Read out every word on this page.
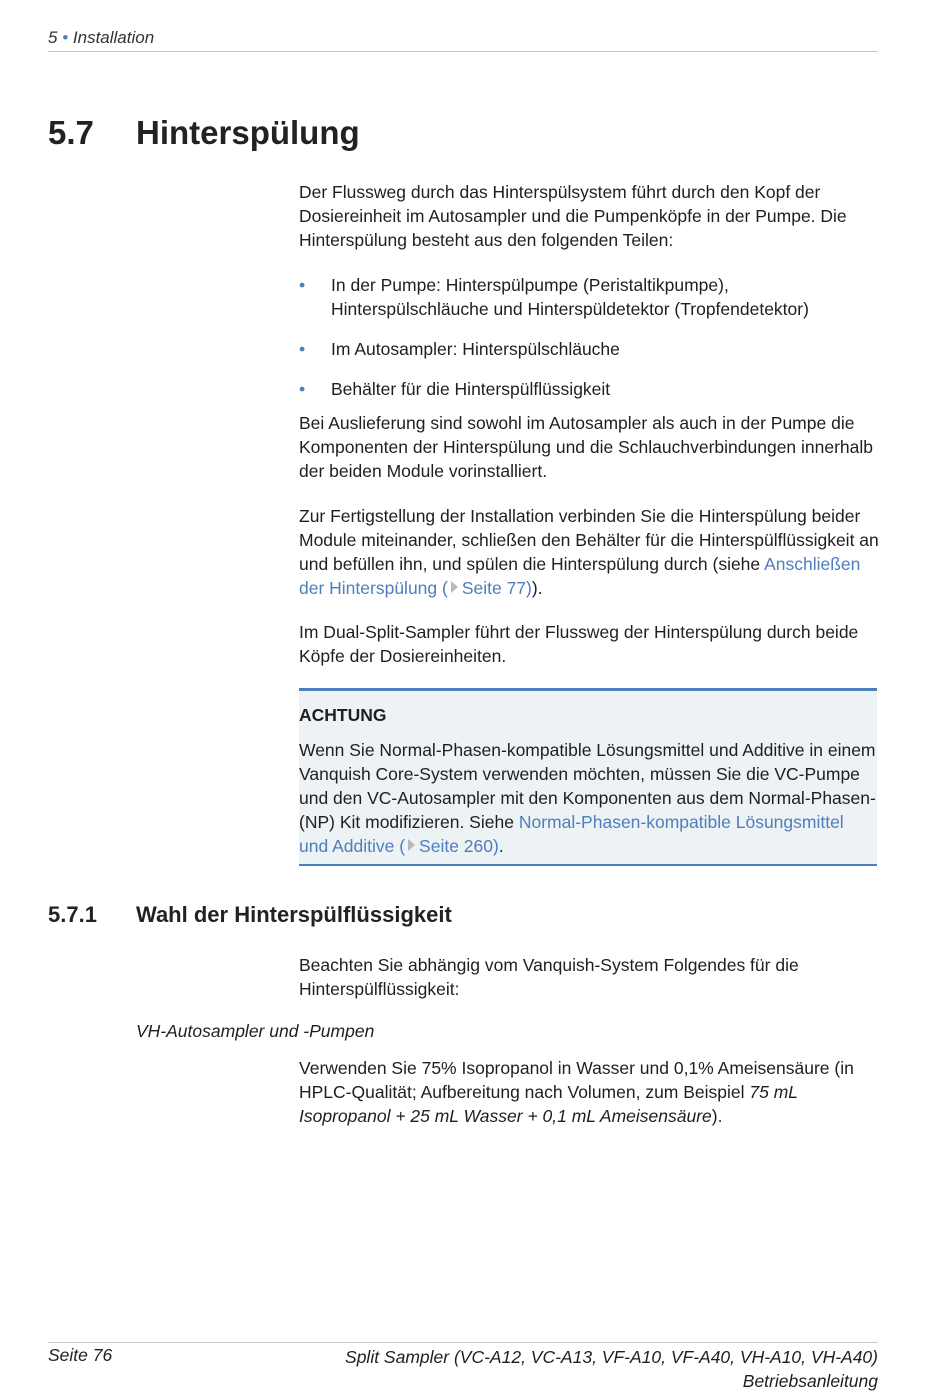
5 • Installation
5.7 Hinterspülung
Der Flussweg durch das Hinterspülsystem führt durch den Kopf der Dosiereinheit im Autosampler und die Pumpenköpfe in der Pumpe. Die Hinterspülung besteht aus den folgenden Teilen:
• In der Pumpe: Hinterspülpumpe (Peristaltikpumpe), Hinterspülschläuche und Hinterspüldetektor (Tropfendetektor)
• Im Autosampler: Hinterspülschläuche
• Behälter für die Hinterspülflüssigkeit
Bei Auslieferung sind sowohl im Autosampler als auch in der Pumpe die Komponenten der Hinterspülung und die Schlauchverbindungen innerhalb der beiden Module vorinstalliert.
Zur Fertigstellung der Installation verbinden Sie die Hinterspülung beider Module miteinander, schließen den Behälter für die Hinterspülflüssigkeit an und befüllen ihn, und spülen die Hinterspülung durch (siehe Anschließen der Hinterspülung ( Seite 77)).
Im Dual-Split-Sampler führt der Flussweg der Hinterspülung durch beide Köpfe der Dosiereinheiten.
ACHTUNG
Wenn Sie Normal-Phasen-kompatible Lösungsmittel und Additive in einem Vanquish Core-System verwenden möchten, müssen Sie die VC-Pumpe und den VC-Autosampler mit den Komponenten aus dem Normal-Phasen- (NP) Kit modifizieren. Siehe Normal-Phasen-kompatible Lösungsmittel und Additive ( Seite 260).
5.7.1 Wahl der Hinterspülflüssigkeit
Beachten Sie abhängig vom Vanquish-System Folgendes für die Hinterspülflüssigkeit:
VH-Autosampler und -Pumpen
Verwenden Sie 75% Isopropanol in Wasser und 0,1% Ameisensäure (in HPLC-Qualität; Aufbereitung nach Volumen, zum Beispiel 75 mL Isopropanol + 25 mL Wasser + 0,1 mL Ameisensäure).
Seite 76	Split Sampler (VC-A12, VC-A13, VF-A10, VF-A40, VH-A10, VH-A40)
Betriebsanleitung
